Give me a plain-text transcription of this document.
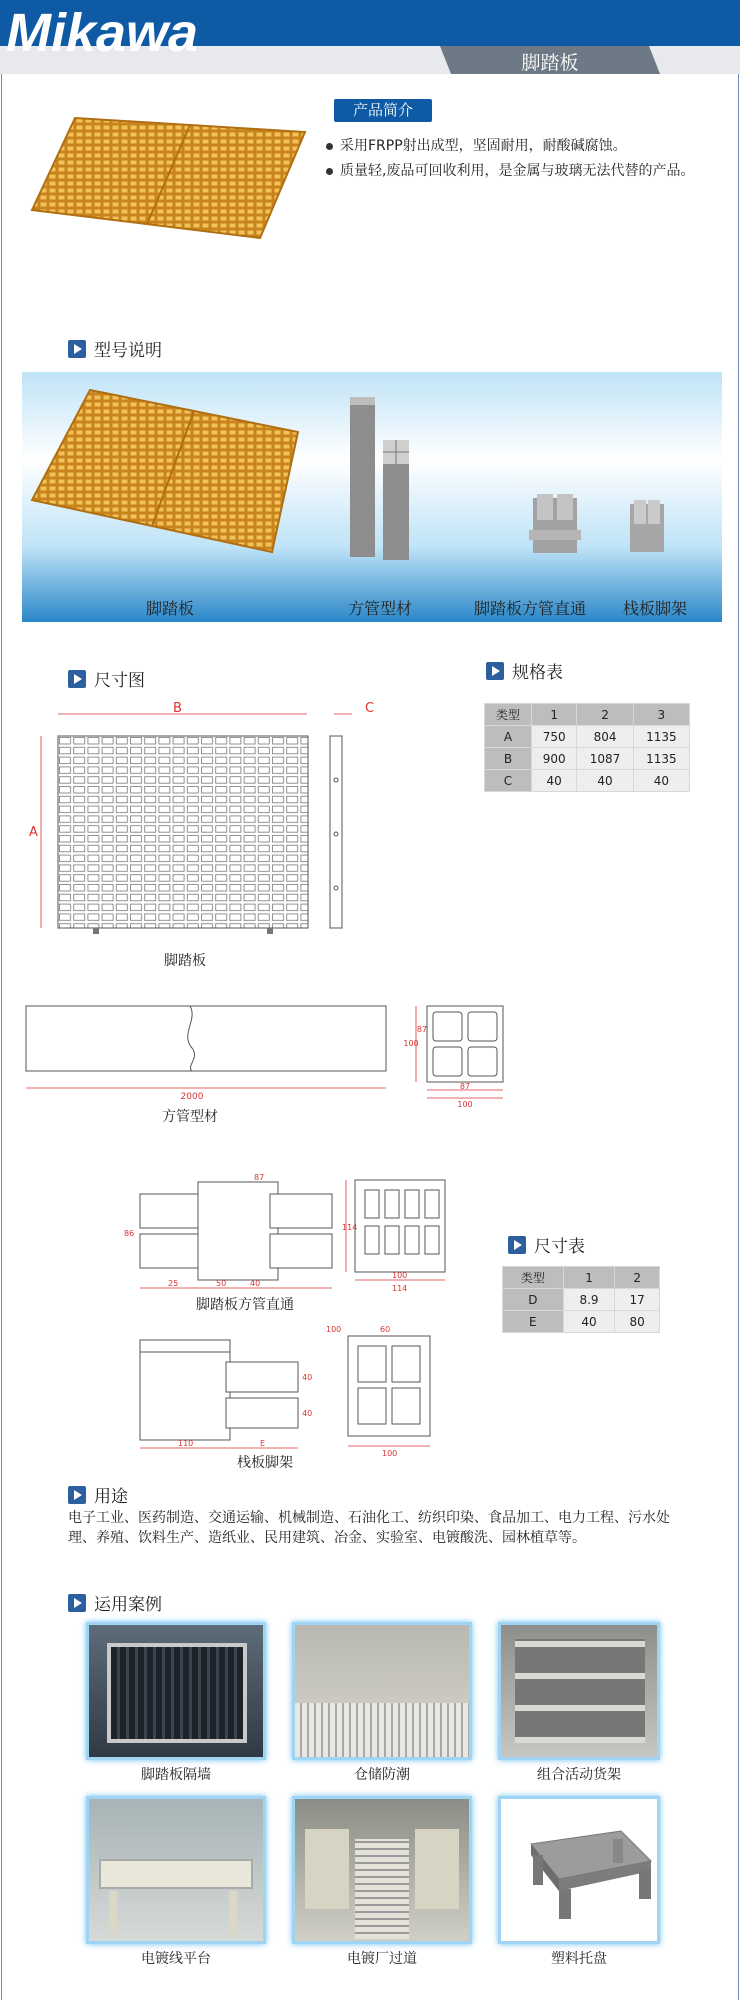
Mikawa	脚踏板
产品简介
采用FRPP射出成型，坚固耐用，耐酸碱腐蚀。
质量轻,废品可回收利用，是金属与玻璃无法代替的产品。
型号说明
脚踏板	方管型材	脚踏板方管直通	栈板脚架
尺寸图	规格表
B	C
A
脚踏板
类型	1	2	3
A	750	804	1135
B	900	1087	1135
C	40	40	40
2000
87
100
100
87
方管型材
25	50	40
87
86
114
100
114
脚踏板方管直通
尺寸表
类型	1	2
D	8.9	17
E	40	80
110	E
40
40
60
100
100
栈板脚架
用途
电子工业、医药制造、交通运输、机械制造、石油化工、纺织印染、食品加工、电力工程、污水处理、养殖、饮料生产、造纸业、民用建筑、冶金、实验室、电镀酸洗、园林植草等。
运用案例
脚踏板隔墙	仓储防潮	组合活动货架
电镀线平台	电镀厂过道	塑料托盘
